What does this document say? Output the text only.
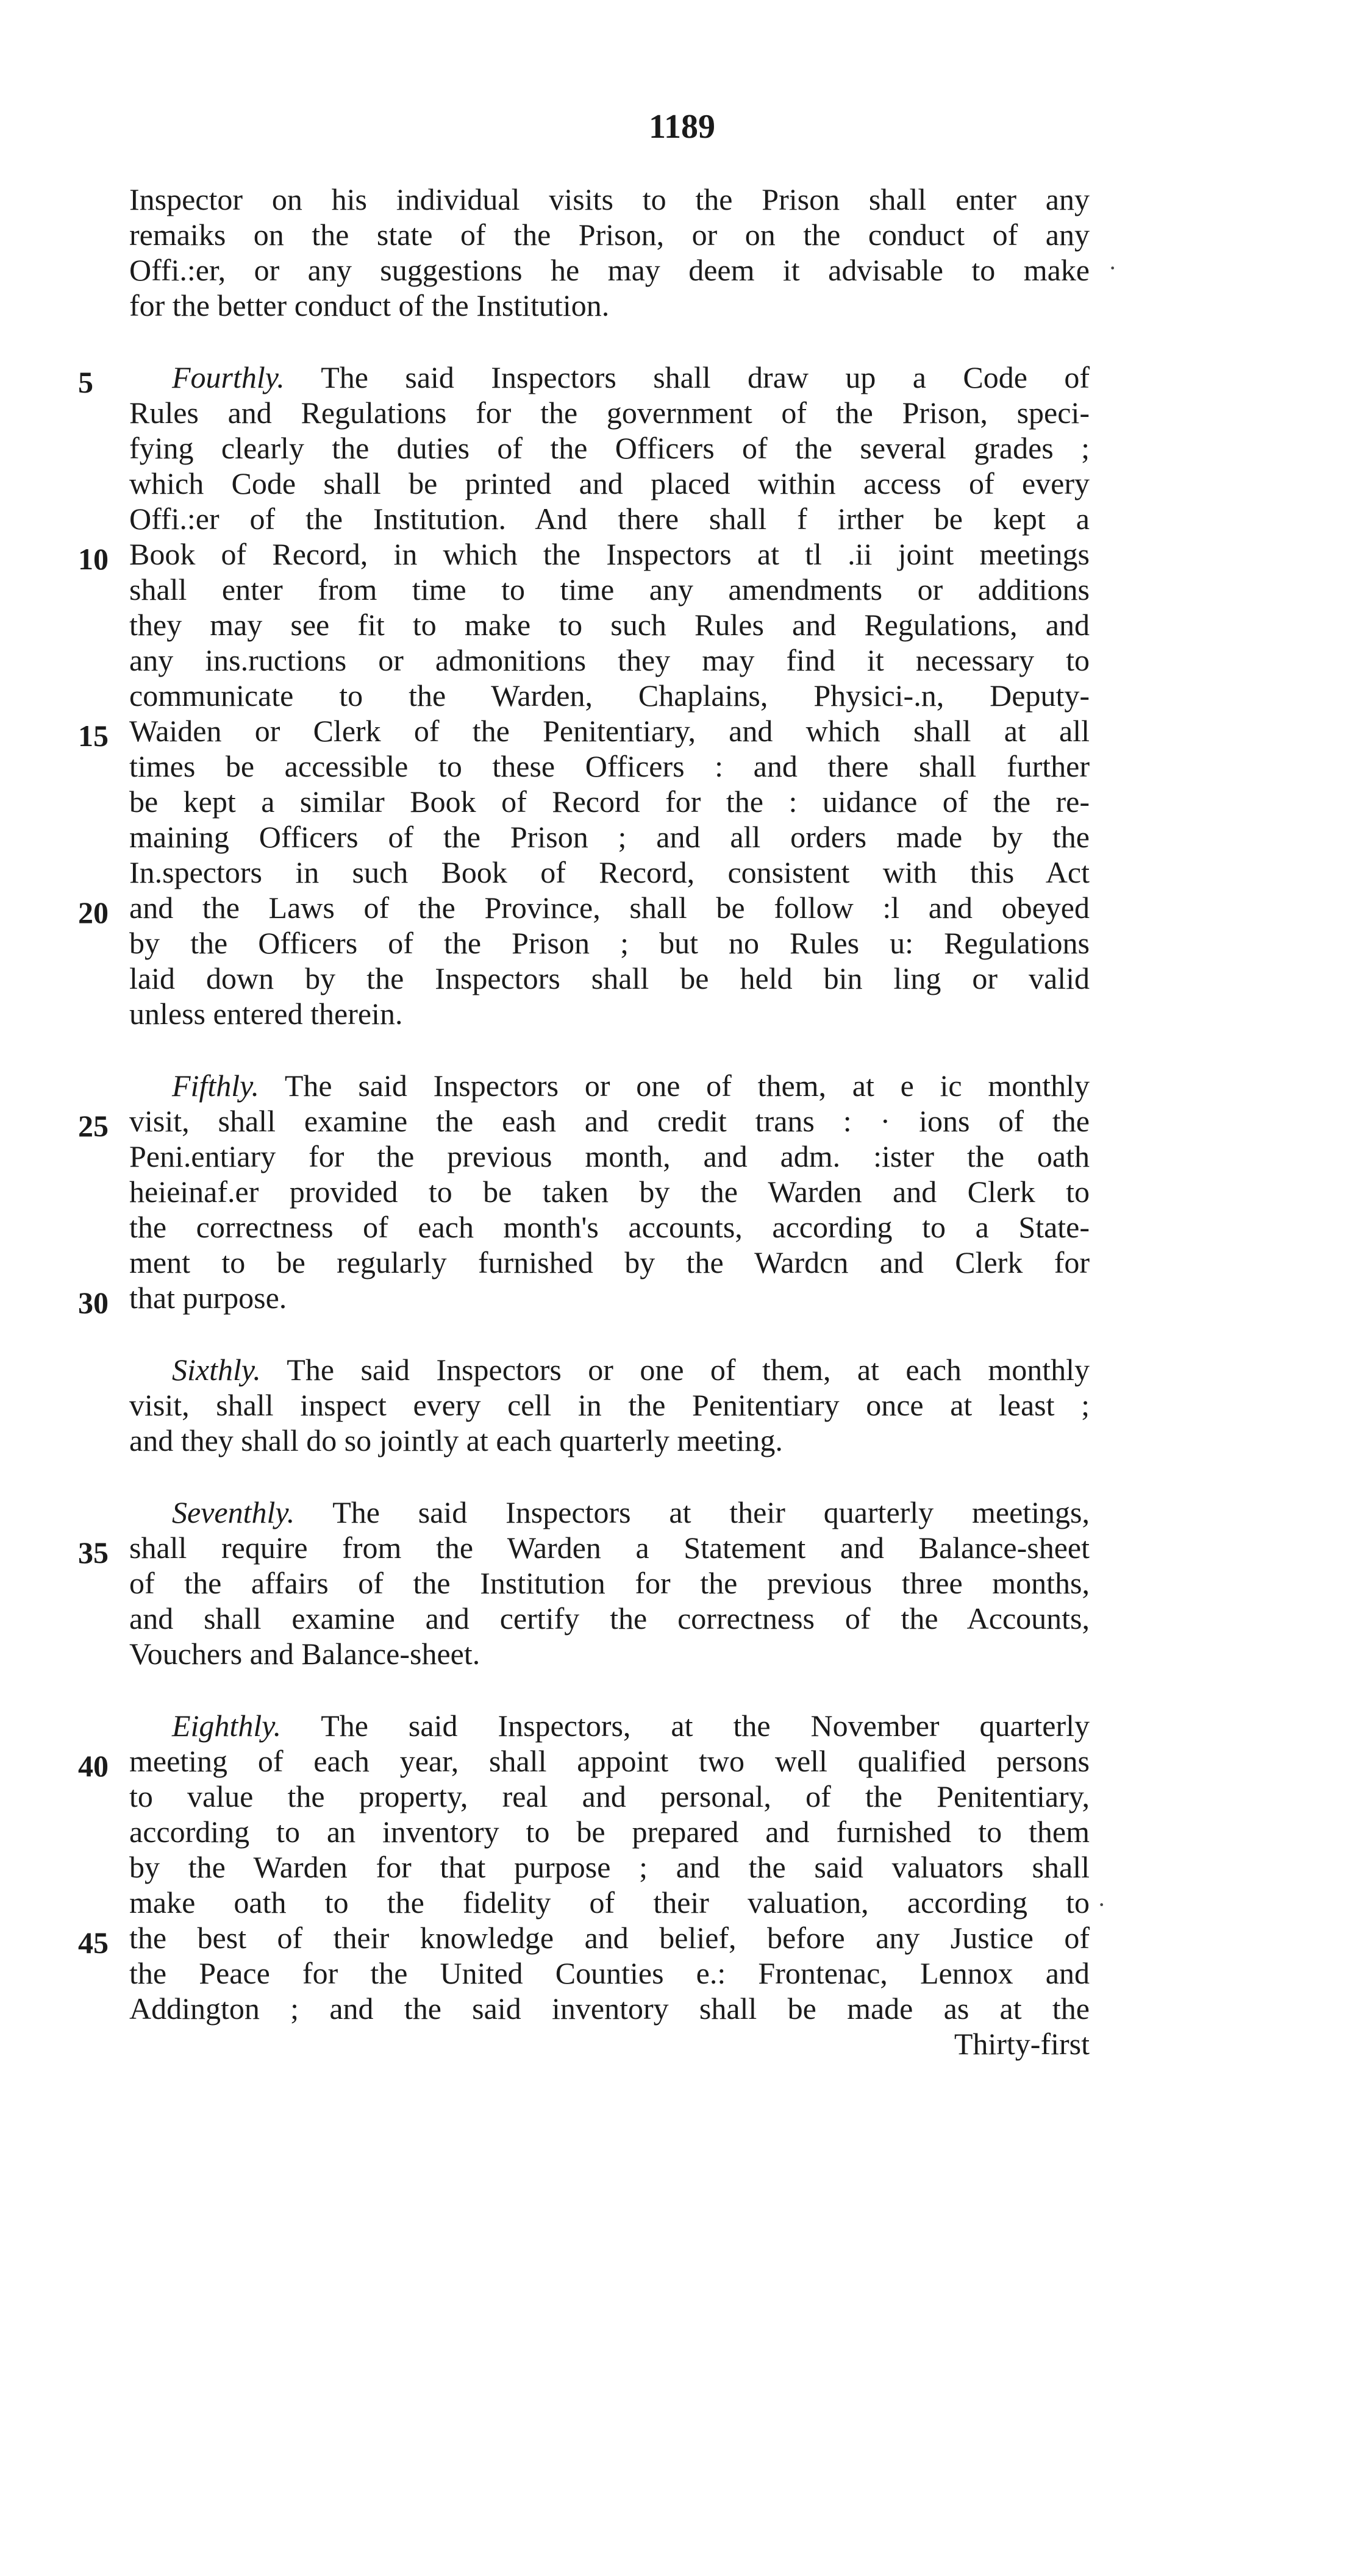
1189
Inspector on his individual visits to the Prison shall enter any
remaiks on the state of the Prison, or on the conduct of any
Offi.:er, or any suggestions he may deem it advisable to make
for the better conduct of the Institution.
Fourthly. The said Inspectors shall draw up a Code of
Rules and Regulations for the government of the Prison, speci-
fying clearly the duties of the Officers of the several grades ;
which Code shall be printed and placed within access of every
Offi.:er of the Institution. And there shall f irther be kept a
Book of Record, in which the Inspectors at tl .ii joint meetings
shall enter from time to time any amendments or additions
they may see fit to make to such Rules and Regulations, and
any ins.ructions or admonitions they may find it necessary to
communicate to the Warden, Chaplains, Physici-.n, Deputy-
Waiden or Clerk of the Penitentiary, and which shall at all
times be accessible to these Officers : and there shall further
be kept a similar Book of Record for the : uidance of the re-
maining Officers of the Prison ; and all orders made by the
In.spectors in such Book of Record, consistent with this Act
and the Laws of the Province, shall be follow :l and obeyed
by the Officers of the Prison ; but no Rules u: Regulations
laid down by the Inspectors shall be held bin ling or valid
unless entered therein.
Fifthly. The said Inspectors or one of them, at e ic monthly
visit, shall examine the eash and credit trans : · ions of the
Peni.entiary for the previous month, and adm. :ister the oath
heieinaf.er provided to be taken by the Warden and Clerk to
the correctness of each month's accounts, according to a State-
ment to be regularly furnished by the Wardcn and Clerk for
that purpose.
Sixthly. The said Inspectors or one of them, at each monthly
visit, shall inspect every cell in the Penitentiary once at least ;
and they shall do so jointly at each quarterly meeting.
Seventhly. The said Inspectors at their quarterly meetings,
shall require from the Warden a Statement and Balance-sheet
of the affairs of the Institution for the previous three months,
and shall examine and certify the correctness of the Accounts,
Vouchers and Balance-sheet.
Eighthly. The said Inspectors, at the November quarterly
meeting of each year, shall appoint two well qualified persons
to value the property, real and personal, of the Penitentiary,
according to an inventory to be prepared and furnished to them
by the Warden for that purpose ; and the said valuators shall
make oath to the fidelity of their valuation, according to
the best of their knowledge and belief, before any Justice of
the Peace for the United Counties e.: Frontenac, Lennox and
Addington ; and the said inventory shall be made as at the
Thirty-first
5
10
15
20
25
30
35
40
45
·
·
